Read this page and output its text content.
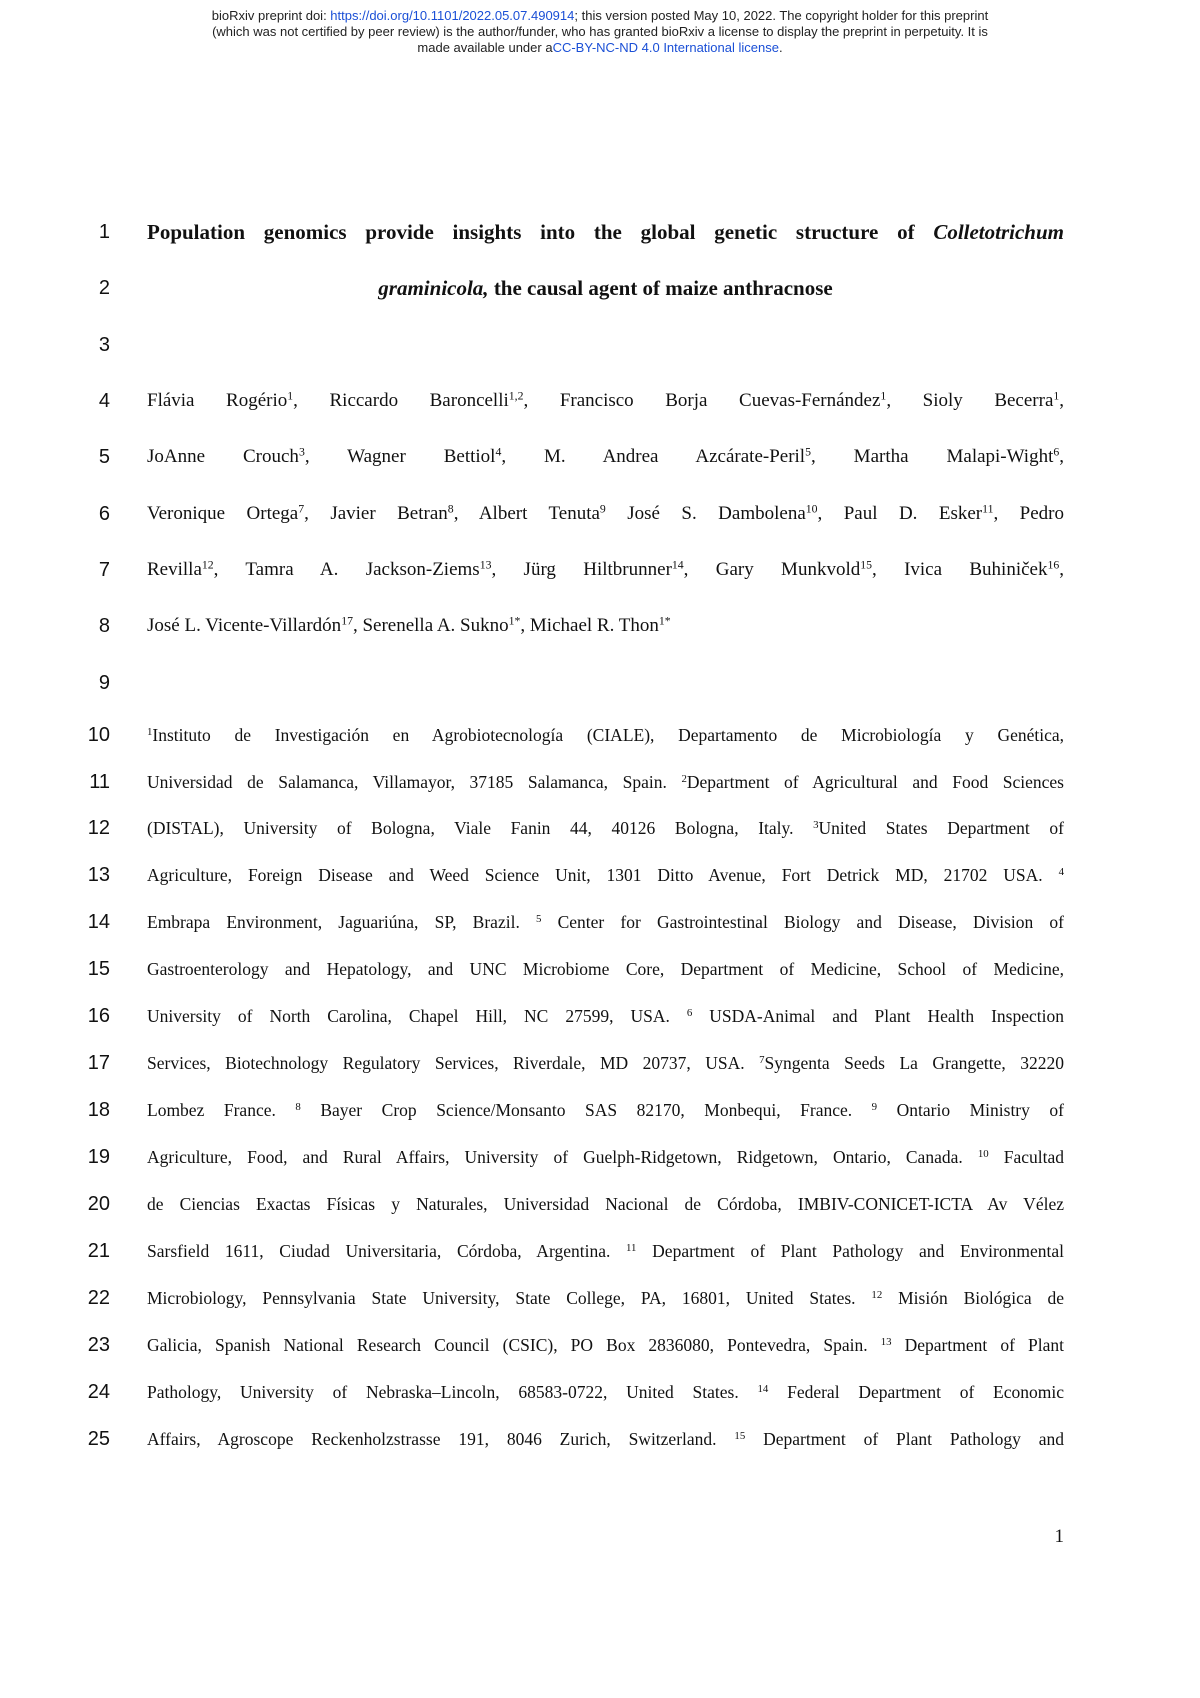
bioRxiv preprint doi: https://doi.org/10.1101/2022.05.07.490914; this version posted May 10, 2022. The copyright holder for this preprint
(which was not certified by peer review) is the author/funder, who has granted bioRxiv a license to display the preprint in perpetuity. It is
made available under aCC-BY-NC-ND 4.0 International license.
1 Population genomics provide insights into the global genetic structure of Colletotrichum
2	graminicola, the causal agent of maize anthracnose
3
4 Flávia Rogério$^1$, Riccardo Baroncelli$^{1,2}$, Francisco Borja Cuevas-Fernández$^1$, Sioly Becerra$^1$,
5 JoAnne Crouch$^3$, Wagner Bettiol$^4$, M. Andrea Azcárate-Peril$^5$, Martha Malapi-Wight$^6$,
6 Veronique Ortega$^7$, Javier Betran$^8$, Albert Tenuta$^9$ José S. Dambolena$^{10}$, Paul D. Esker$^{11}$, Pedro
7 Revilla$^{12}$, Tamra A. Jackson-Ziems$^{13}$, Jürg Hiltbrunner$^{14}$, Gary Munkvold$^{15}$, Ivica Buhiniček$^{16}$,
8 José L. Vicente-Villardón$^{17}$, Serenella A. Sukno$^{1*}$, Michael R. Thon$^{1*}$
9
10	$^1$Instituto de Investigación en Agrobiotecnología (CIALE), Departamento de Microbiología y Genética,
11 Universidad de Salamanca, Villamayor, 37185 Salamanca, Spain. $^2$Department of Agricultural and Food Sciences
12 (DISTAL), University of Bologna, Viale Fanin 44, 40126 Bologna, Italy. $^3$United States Department of
13 Agriculture, Foreign Disease and Weed Science Unit, 1301 Ditto Avenue, Fort Detrick MD, 21702 USA. $^4$
14 Embrapa Environment, Jaguariúna, SP, Brazil. $^5$ Center for Gastrointestinal Biology and Disease, Division of
15 Gastroenterology and Hepatology, and UNC Microbiome Core, Department of Medicine, School of Medicine,
16 University of North Carolina, Chapel Hill, NC 27599, USA. $^6$ USDA-Animal and Plant Health Inspection
17 Services, Biotechnology Regulatory Services, Riverdale, MD 20737, USA. $^7$Syngenta Seeds La Grangette, 32220
18 Lombez France. $^8$ Bayer Crop Science/Monsanto SAS 82170, Monbequi, France. $^9$ Ontario Ministry of
19 Agriculture, Food, and Rural Affairs, University of Guelph-Ridgetown, Ridgetown, Ontario, Canada. $^{10}$ Facultad
20 de Ciencias Exactas Físicas y Naturales, Universidad Nacional de Córdoba, IMBIV-CONICET-ICTA Av Vélez
21 Sarsfield 1611, Ciudad Universitaria, Córdoba, Argentina. $^{11}$ Department of Plant Pathology and Environmental
22 Microbiology, Pennsylvania State University, State College, PA, 16801, United States. $^{12}$ Misión Biológica de
23 Galicia, Spanish National Research Council (CSIC), PO Box 2836080, Pontevedra, Spain. $^{13}$ Department of Plant
24 Pathology, University of Nebraska–Lincoln, 68583-0722, United States. $^{14}$ Federal Department of Economic
25 Affairs, Agroscope Reckenholzstrasse 191, 8046 Zurich, Switzerland. $^{15}$ Department of Plant Pathology and
1
